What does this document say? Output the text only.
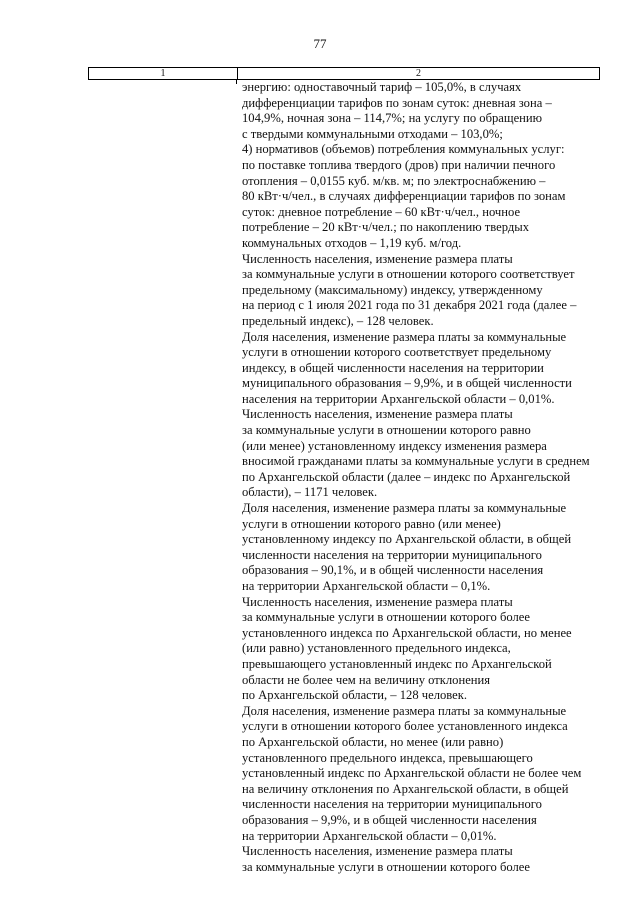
77
1	2
энергию: одноставочный тариф – 105,0%, в случаях
дифференциации тарифов по зонам суток: дневная зона –
104,9%, ночная зона – 114,7%; на услугу по обращению
с твердыми коммунальными отходами – 103,0%;
4) нормативов (объемов) потребления коммунальных услуг:
по поставке топлива твердого (дров) при наличии печного
отопления – 0,0155 куб. м/кв. м; по электроснабжению –
80 кВт·ч/чел., в случаях дифференциации тарифов по зонам
суток: дневное потребление – 60 кВт·ч/чел., ночное
потребление – 20 кВт·ч/чел.; по накоплению твердых
коммунальных отходов – 1,19 куб. м/год.
Численность населения, изменение размера платы
за коммунальные услуги в отношении которого соответствует
предельному (максимальному) индексу, утвержденному
на период с 1 июля 2021 года по 31 декабря 2021 года (далее –
предельный индекс), – 128 человек.
Доля населения, изменение размера платы за коммунальные
услуги в отношении которого соответствует предельному
индексу, в общей численности населения на территории
муниципального образования – 9,9%, и в общей численности
населения на территории Архангельской области – 0,01%.
Численность населения, изменение размера платы
за коммунальные услуги в отношении которого равно
(или менее) установленному индексу изменения размера
вносимой гражданами платы за коммунальные услуги в среднем
по Архангельской области (далее – индекс по Архангельской
области), – 1171 человек.
Доля населения, изменение размера платы за коммунальные
услуги в отношении которого равно (или менее)
установленному индексу по Архангельской области, в общей
численности населения на территории муниципального
образования – 90,1%, и в общей численности населения
на территории Архангельской области – 0,1%.
Численность населения, изменение размера платы
за коммунальные услуги в отношении которого более
установленного индекса по Архангельской области, но менее
(или равно) установленного предельного индекса,
превышающего установленный индекс по Архангельской
области не более чем на величину отклонения
по Архангельской области, – 128 человек.
Доля населения, изменение размера платы за коммунальные
услуги в отношении которого более установленного индекса
по Архангельской области, но менее (или равно)
установленного предельного индекса, превышающего
установленный индекс по Архангельской области не более чем
на величину отклонения по Архангельской области, в общей
численности населения на территории муниципального
образования – 9,9%, и в общей численности населения
на территории Архангельской области – 0,01%.
Численность населения, изменение размера платы
за коммунальные услуги в отношении которого более
